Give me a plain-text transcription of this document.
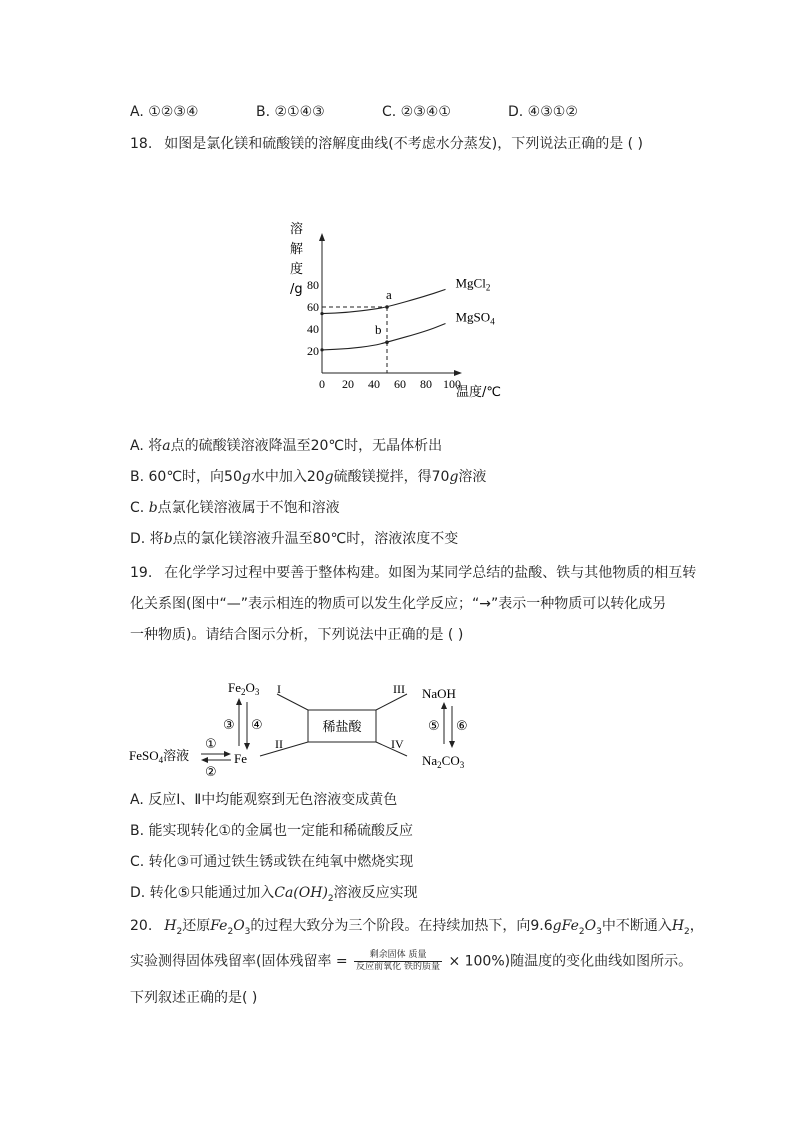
A. ①②③④	B. ②①④③	C. ②③④①	D. ④③①②
18. 如图是氯化镁和硫酸镁的溶解度曲线(不考虑水分蒸发)，下列说法正确的是 ( )
溶
解
度
/g
20
40
60
80
0 20 40 60 80 100
MgCl$_2$
MgSO$_4$
a
b
温度/℃
A. 将a点的硫酸镁溶液降温至20℃时，无晶体析出
B. 60℃时，向50g水中加入20g硫酸镁搅拌，得70g溶液
C. b点氯化镁溶液属于不饱和溶液
D. 将b点的氯化镁溶液升温至80℃时，溶液浓度不变
19. 在化学学习过程中要善于整体构建。如图为某同学总结的盐酸、铁与其他物质的相互转
化关系图(图中“—”表示相连的物质可以发生化学反应；“→”表示一种物质可以转化成另
一种物质)。请结合图示分析，下列说法中正确的是 ( )
稀盐酸
I
II
III
IV
$Fe_2O_3$
Fe
FeSO$_4$溶液
NaOH
$Na_2CO_3$
③ ④
①
②
⑤ ⑥
A. 反应Ⅰ、Ⅱ中均能观察到无色溶液变成黄色
B. 能实现转化①的金属也一定能和稀硫酸反应
C. 转化③可通过铁生锈或铁在纯氧中燃烧实现
D. 转化⑤只能通过加入$Ca(OH)_2$溶液反应实现
20. $H_2$还原$Fe_2O_3$的过程大致分为三个阶段。在持续加热下，向$9.6gFe_2O_3$中不断通入$H_2$，
实验测得固体残留率(固体残留率 = $\frac{\text{剩余固体 质量}}{\text{反应前氧化 铁的质量}} \times 100\%$)随温度的变化曲线如图所示。
下列叙述正确的是( )
